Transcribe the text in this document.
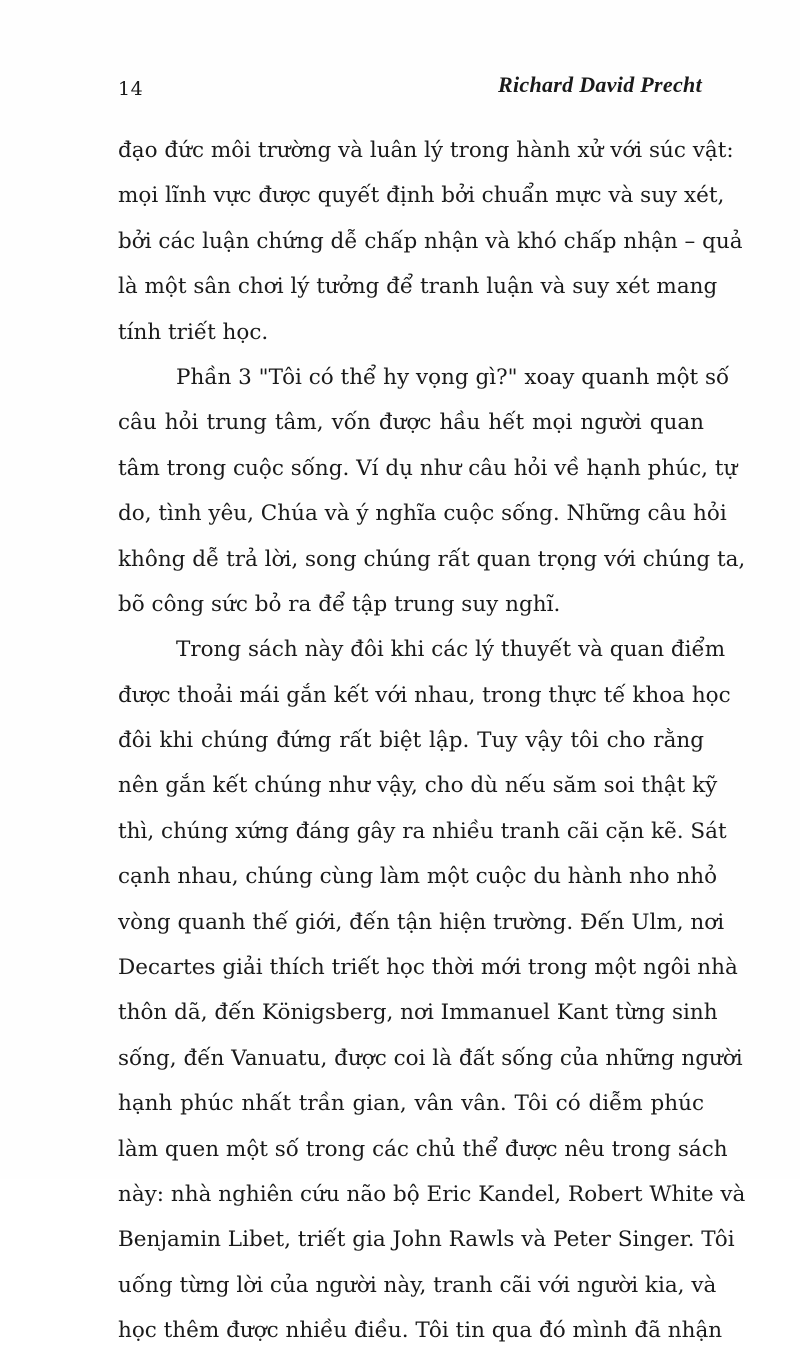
14	Richard David Precht
đạo đức môi trường và luân lý trong hành xử với súc vật:
mọi lĩnh vực được quyết định bởi chuẩn mực và suy xét,
bởi các luận chứng dễ chấp nhận và khó chấp nhận – quả
là một sân chơi lý tưởng để tranh luận và suy xét mang
tính triết học.
Phần 3 "Tôi có thể hy vọng gì?" xoay quanh một số
câu hỏi trung tâm, vốn được hầu hết mọi người quan
tâm trong cuộc sống. Ví dụ như câu hỏi về hạnh phúc, tự
do, tình yêu, Chúa và ý nghĩa cuộc sống. Những câu hỏi
không dễ trả lời, song chúng rất quan trọng với chúng ta,
bõ công sức bỏ ra để tập trung suy nghĩ.
Trong sách này đôi khi các lý thuyết và quan điểm
được thoải mái gắn kết với nhau, trong thực tế khoa học
đôi khi chúng đứng rất biệt lập. Tuy vậy tôi cho rằng
nên gắn kết chúng như vậy, cho dù nếu săm soi thật kỹ
thì, chúng xứng đáng gây ra nhiều tranh cãi cặn kẽ. Sát
cạnh nhau, chúng cùng làm một cuộc du hành nho nhỏ
vòng quanh thế giới, đến tận hiện trường. Đến Ulm, nơi
Decartes giải thích triết học thời mới trong một ngôi nhà
thôn dã, đến Königsberg, nơi Immanuel Kant từng sinh
sống, đến Vanuatu, được coi là đất sống của những người
hạnh phúc nhất trần gian, vân vân. Tôi có diễm phúc
làm quen một số trong các chủ thể được nêu trong sách
này: nhà nghiên cứu não bộ Eric Kandel, Robert White và
Benjamin Libet, triết gia John Rawls và Peter Singer. Tôi
uống từng lời của người này, tranh cãi với người kia, và
học thêm được nhiều điều. Tôi tin qua đó mình đã nhận
